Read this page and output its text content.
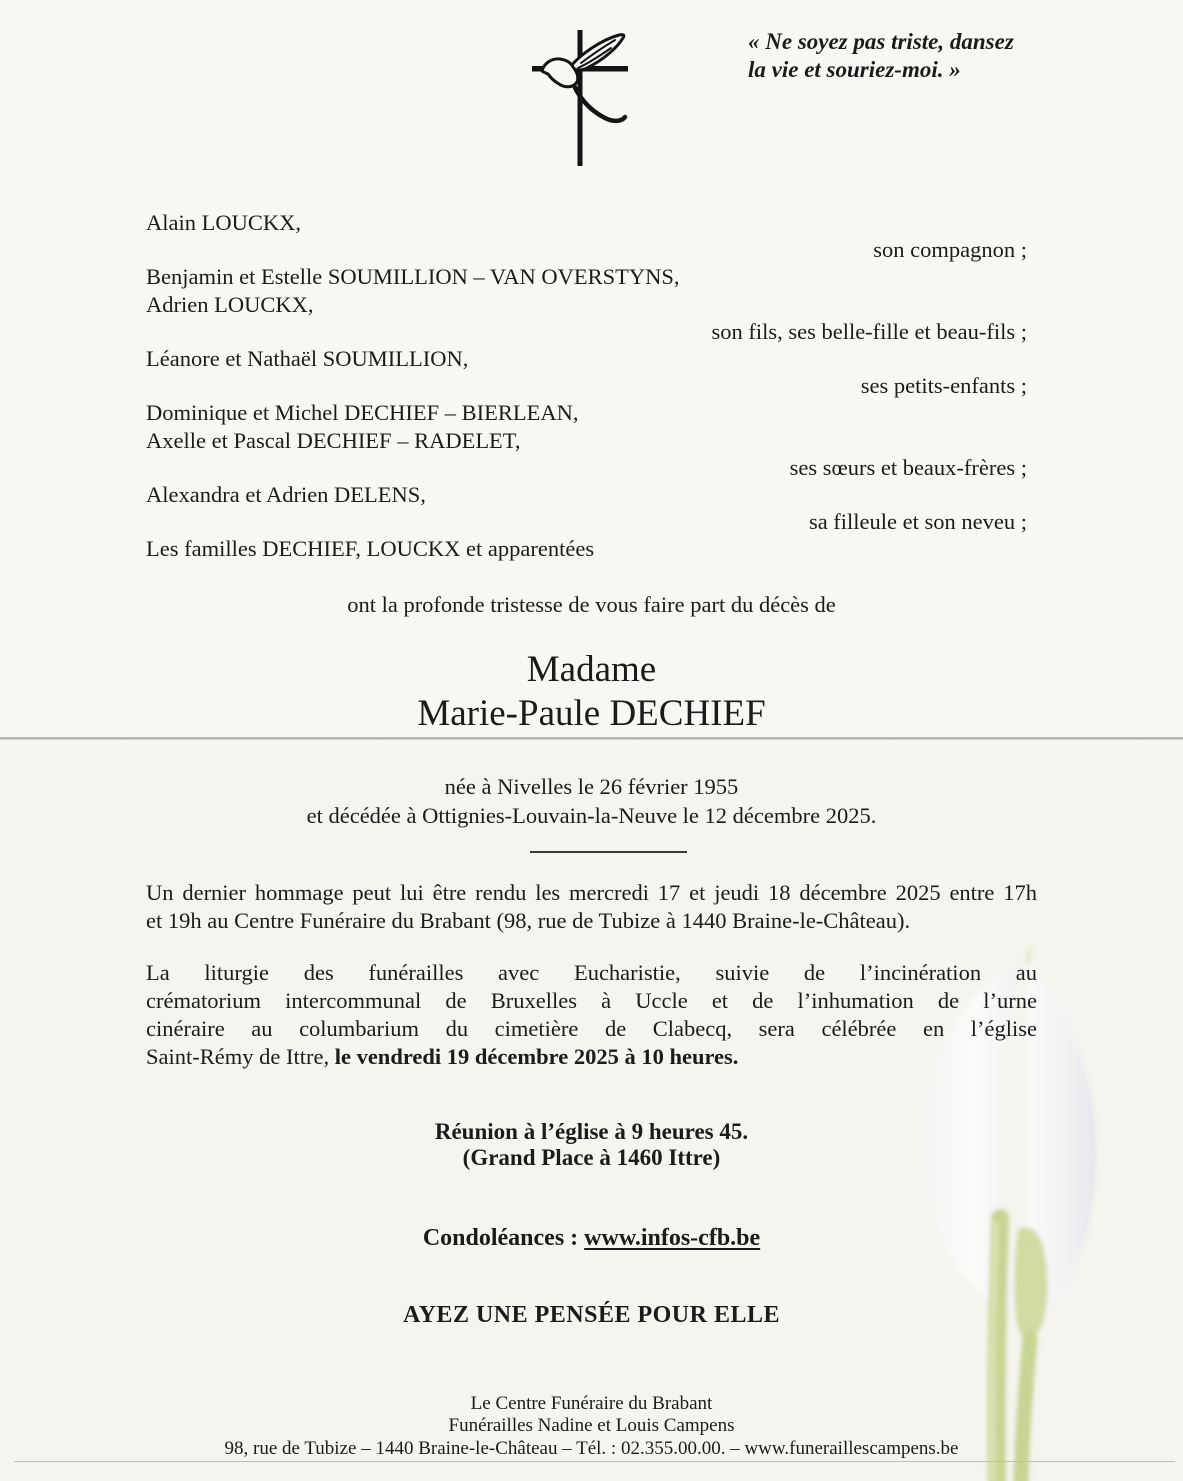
« Ne soyez pas triste, dansez
la vie et souriez-moi. »
Alain LOUCKX,
son compagnon ;
Benjamin et Estelle SOUMILLION – VAN OVERSTYNS,
Adrien LOUCKX,
son fils, ses belle-fille et beau-fils ;
Léanore et Nathaël SOUMILLION,
ses petits-enfants ;
Dominique et Michel DECHIEF – BIERLEAN,
Axelle et Pascal DECHIEF – RADELET,
ses sœurs et beaux-frères ;
Alexandra et Adrien DELENS,
sa filleule et son neveu ;
Les familles DECHIEF, LOUCKX et apparentées
ont la profonde tristesse de vous faire part du décès de
Madame
Marie-Paule DECHIEF
née à Nivelles le 26 février 1955
et décédée à Ottignies-Louvain-la-Neuve le 12 décembre 2025.
Un dernier hommage peut lui être rendu les mercredi 17 et jeudi 18 décembre 2025 entre 17h
et 19h au Centre Funéraire du Brabant (98, rue de Tubize à 1440 Braine-le-Château).
La liturgie des funérailles avec Eucharistie, suivie de l’incinération au
crématorium intercommunal de Bruxelles à Uccle et de l’inhumation de l’urne
cinéraire au columbarium du cimetière de Clabecq, sera célébrée en l’église
Saint-Rémy de Ittre, le vendredi 19 décembre 2025 à 10 heures.
Réunion à l’église à 9 heures 45.
(Grand Place à 1460 Ittre)
Condoléances : www.infos-cfb.be
AYEZ UNE PENSÉE POUR ELLE
Le Centre Funéraire du Brabant
Funérailles Nadine et Louis Campens
98, rue de Tubize – 1440 Braine-le-Château – Tél. : 02.355.00.00. – www.funeraillescampens.be
